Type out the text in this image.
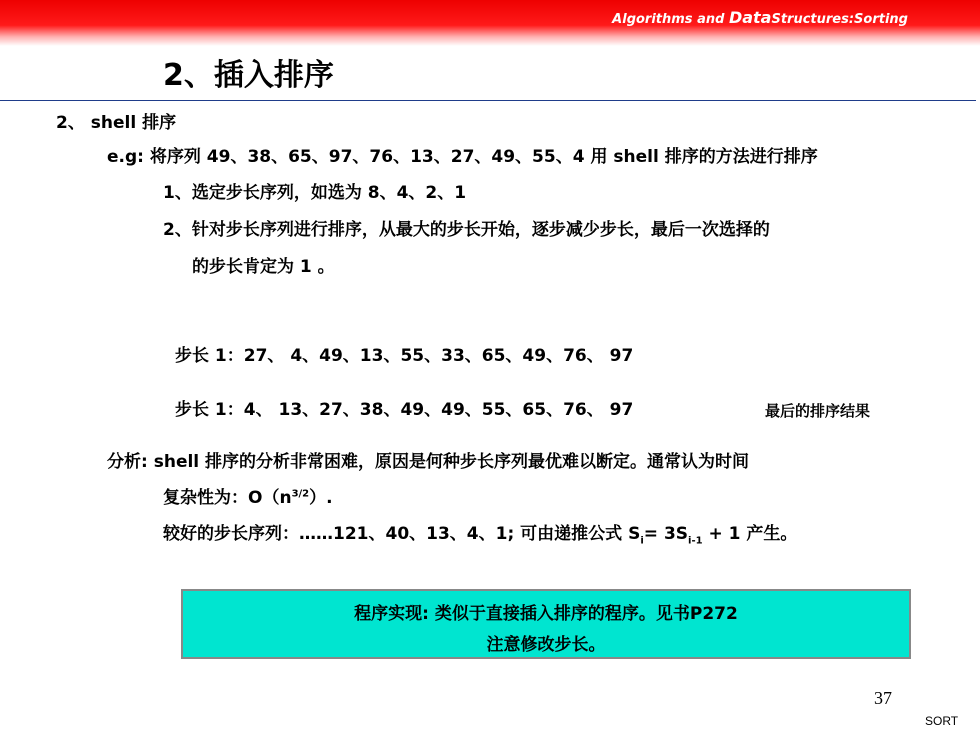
Algorithms and DataStructures:Sorting
2、插入排序
2、 shell 排序
e.g: 将序列 49、38、65、97、76、13、27、49、55、4 用 shell 排序的方法进行排序
1、选定步长序列，如选为 8、4、2、1
2、针对步长序列进行排序，从最大的步长开始，逐步减少步长，最后一次选择的
的步长肯定为 1 。
步长 1：27、 4、49、13、55、33、65、49、76、 97
步长 1：4、 13、27、38、49、49、55、65、76、 97	最后的排序结果
分析: shell 排序的分析非常困难，原因是何种步长序列最优难以断定。通常认为时间
复杂性为：$O(n^{3/2})$.
较好的步长序列：……121、40、13、4、1; 可由递推公式 $S_i= 3S_{i-1} + 1$ 产生。
程序实现: 类似于直接插入排序的程序。见书P272
注意修改步长。
37
SORT
